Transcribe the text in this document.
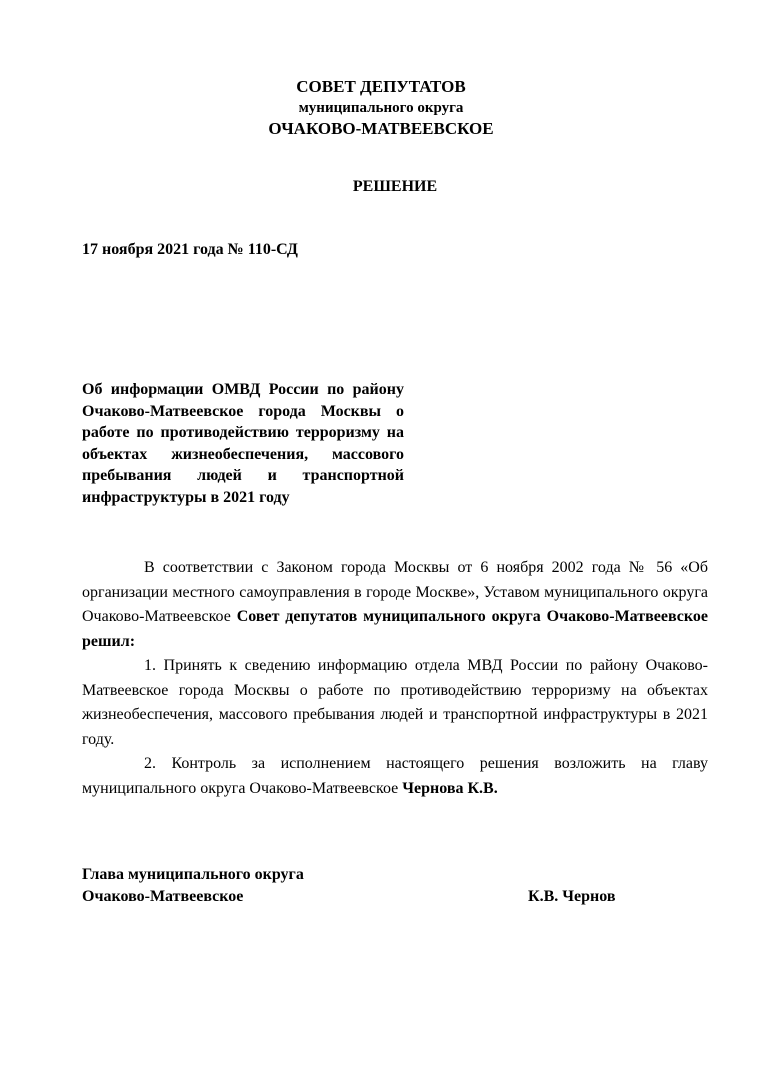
СОВЕТ ДЕПУТАТОВ
муниципального округа
ОЧАКОВО-МАТВЕЕВСКОЕ
РЕШЕНИЕ
17 ноября 2021 года № 110-СД
Об информации ОМВД России по району Очаково-Матвеевское города Москвы о работе по противодействию терроризму на объектах жизнеобеспечения, массового пребывания людей и транспортной инфраструктуры в 2021 году

В соответствии с Законом города Москвы от 6 ноября 2002 года № 56 «Об организации местного самоуправления в городе Москве», Уставом муниципального округа Очаково-Матвеевское Совет депутатов муниципального округа Очаково-Матвеевское решил:

1. Принять к сведению информацию отдела МВД России по району Очаково-Матвеевское города Москвы о работе по противодействию терроризму на объектах жизнеобеспечения, массового пребывания людей и транспортной инфраструктуры в 2021 году.

2. Контроль за исполнением настоящего решения возложить на главу муниципального округа Очаково-Матвеевское Чернова К.В.

Глава муниципального округа
Очаково-Матвеевское	К.В. Чернов
